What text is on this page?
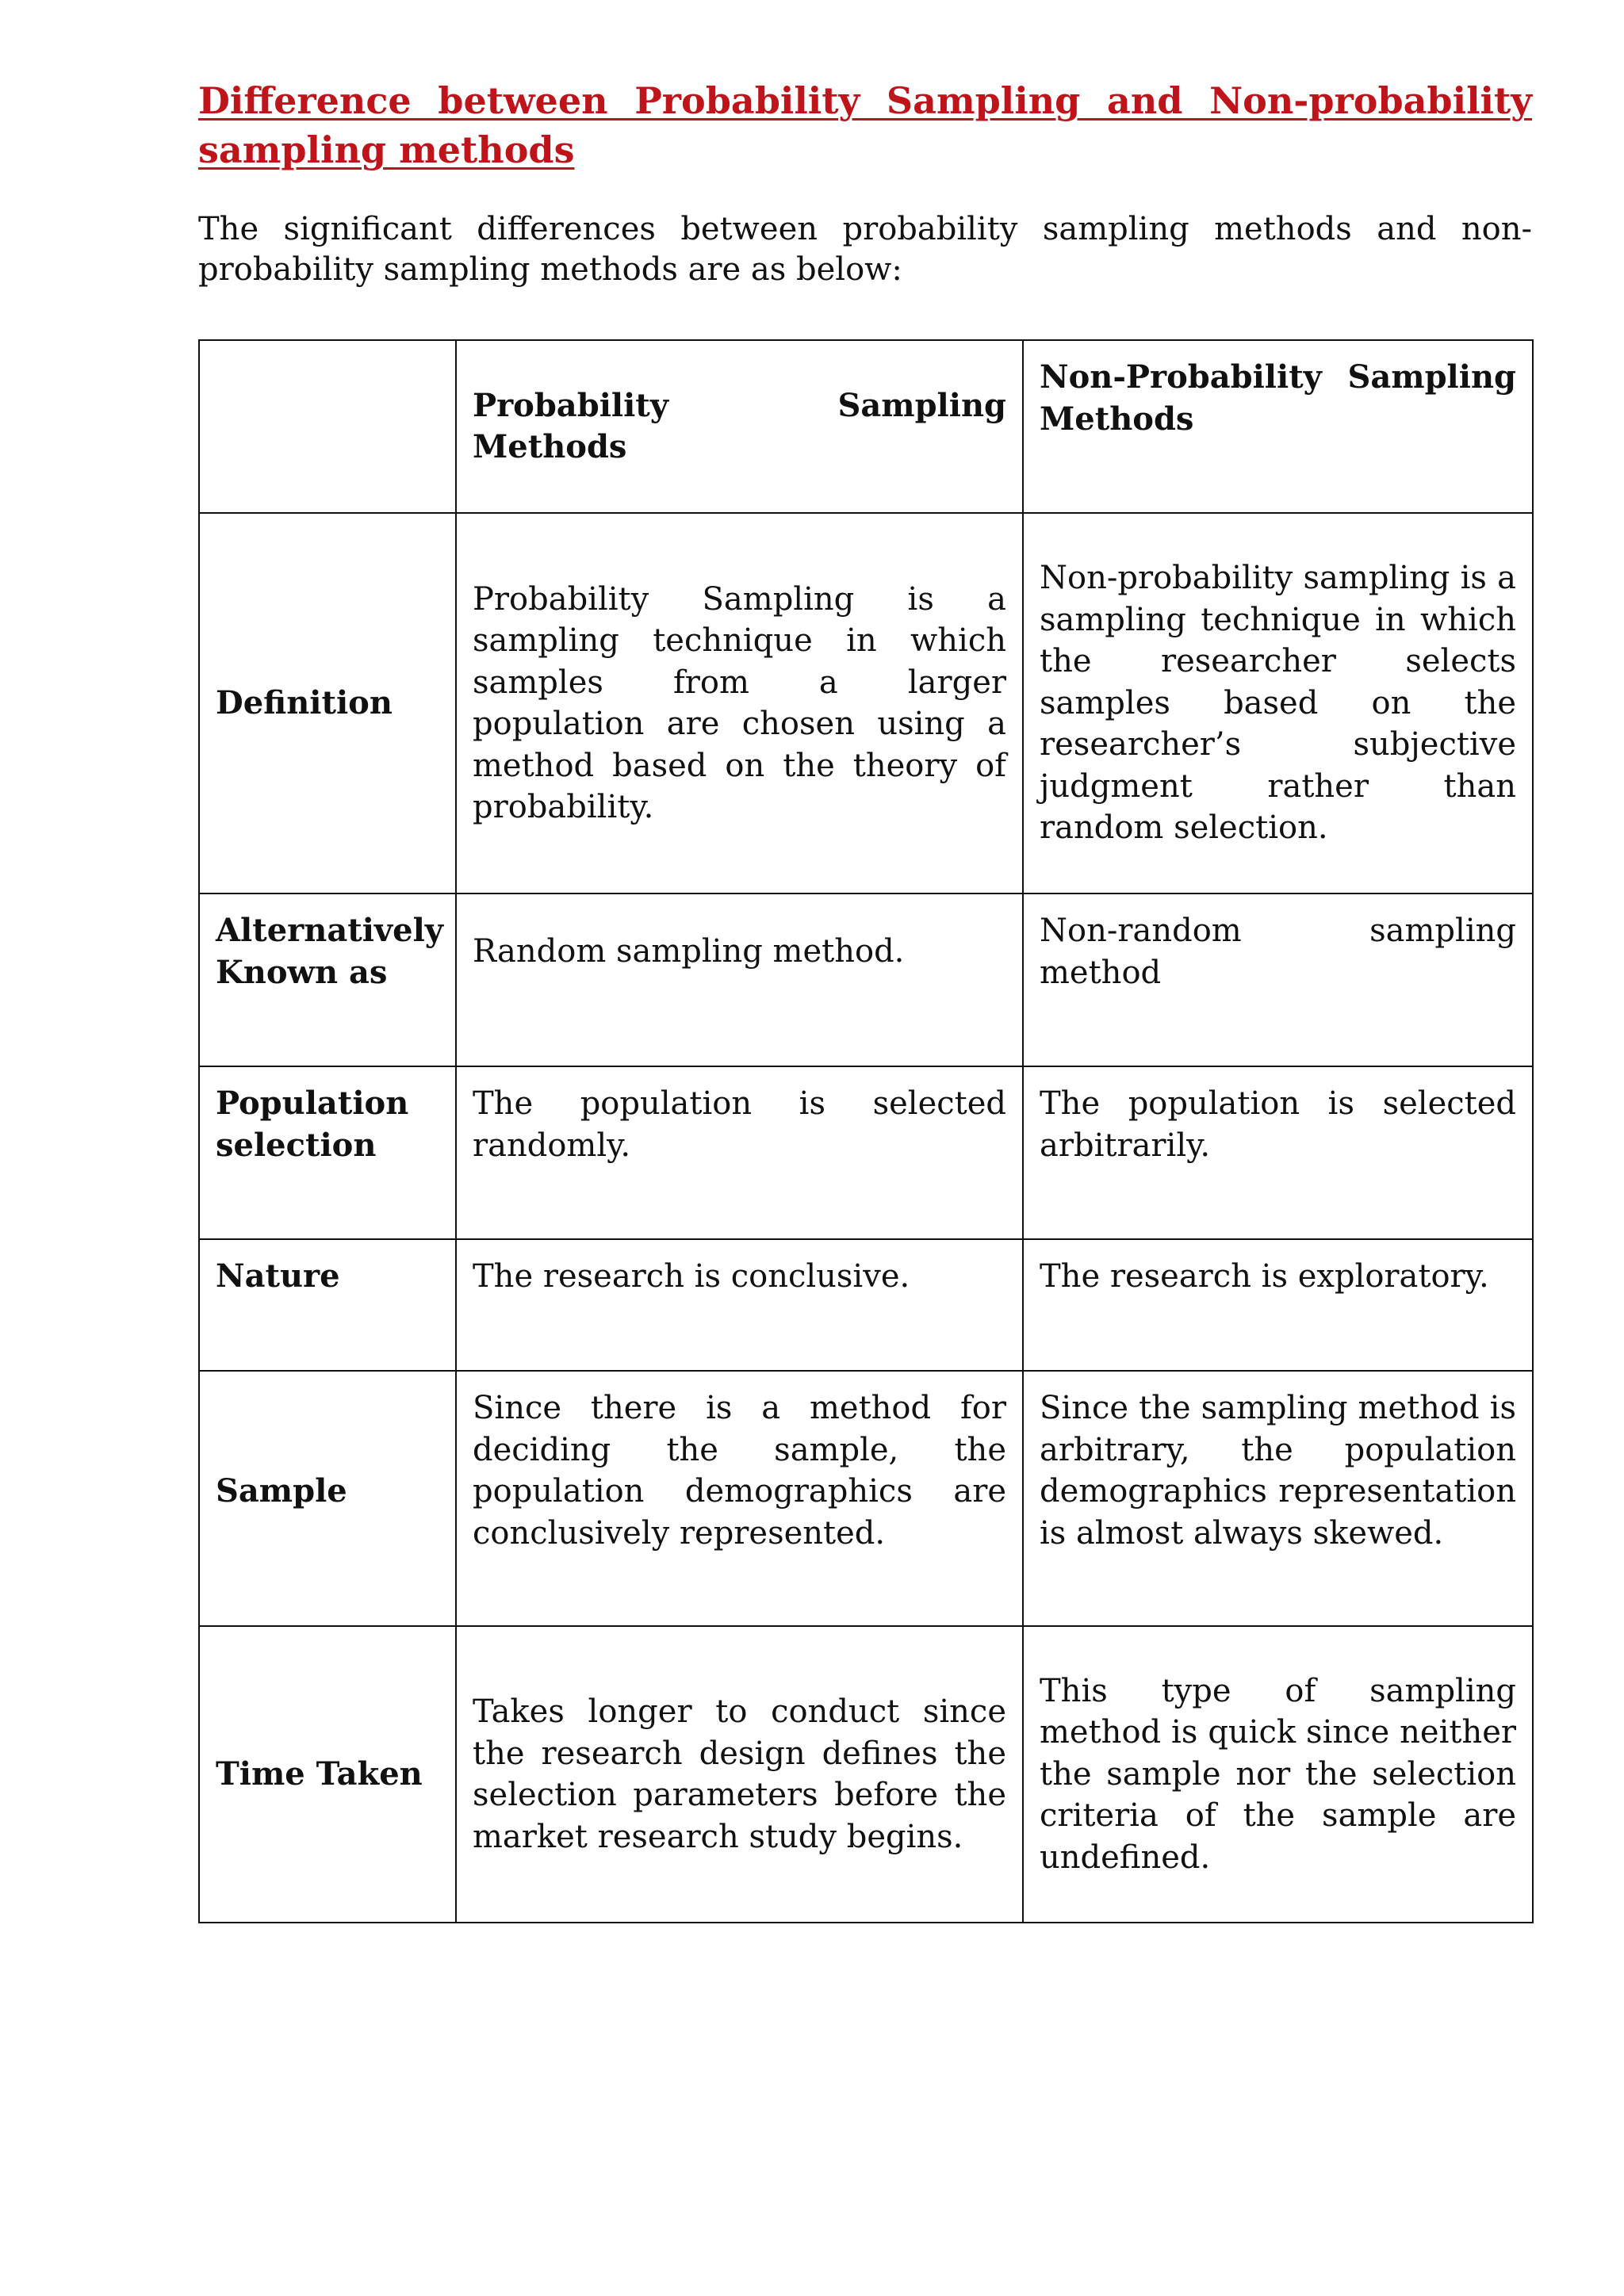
Difference between Probability Sampling and Non-probability sampling methods

The significant differences between probability sampling methods and non-probability sampling methods are as below:

	Probability Sampling Methods	Non-Probability Sampling Methods
Definition	Probability Sampling is a sampling technique in which samples from a larger population are chosen using a method based on the theory of probability.	Non-probability sampling is a sampling technique in which the researcher selects samples based on the researcher’s subjective judgment rather than random selection.
Alternatively Known as	Random sampling method.	Non-random sampling method
Population selection	The population is selected randomly.	The population is selected arbitrarily.
Nature	The research is conclusive.	The research is exploratory.
Sample	Since there is a method for deciding the sample, the population demographics are conclusively represented.	Since the sampling method is arbitrary, the population demographics representation is almost always skewed.
Time Taken	Takes longer to conduct since the research design defines the selection parameters before the market research study begins.	This type of sampling method is quick since neither the sample nor the selection criteria of the sample are undefined.
